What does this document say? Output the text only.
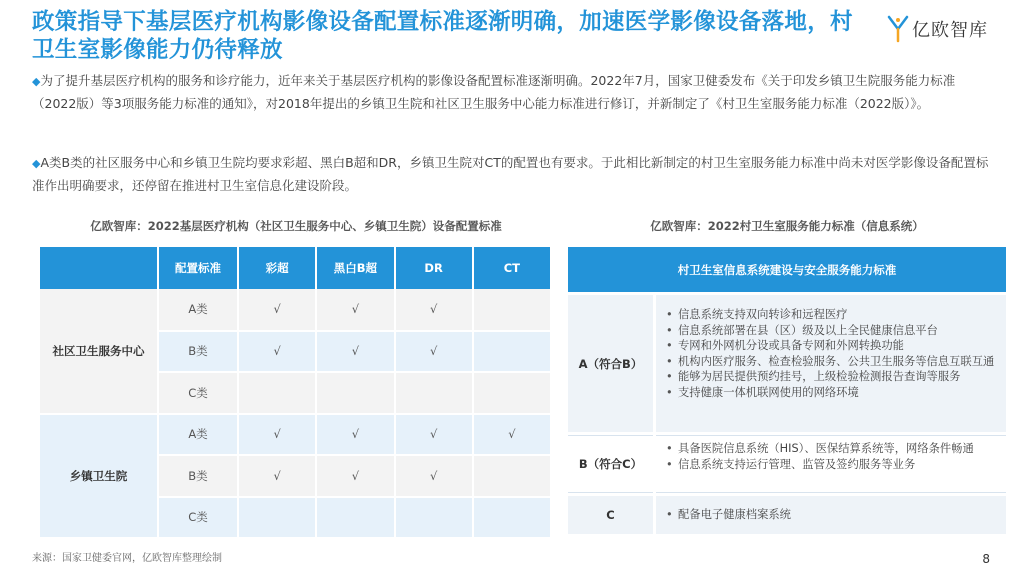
政策指导下基层医疗机构影像设备配置标准逐渐明确，加速医学影像设备落地，村卫生室影像能力仍待释放
亿欧智库
◆为了提升基层医疗机构的服务和诊疗能力，近年来关于基层医疗机构的影像设备配置标准逐渐明确。2022年7月，国家卫健委发布《关于印发乡镇卫生院服务能力标准（2022版）等3项服务能力标准的通知》，对2018年提出的乡镇卫生院和社区卫生服务中心能力标准进行修订，并新制定了《村卫生室服务能力标准（2022版）》。
◆A类B类的社区服务中心和乡镇卫生院均要求彩超、黑白B超和DR，乡镇卫生院对CT的配置也有要求。于此相比新制定的村卫生室服务能力标准中尚未对医学影像设备配置标准作出明确要求，还停留在推进村卫生室信息化建设阶段。
亿欧智库：2022基层医疗机构（社区卫生服务中心、乡镇卫生院）设备配置标准	亿欧智库：2022村卫生室服务能力标准（信息系统）
	配置标准	彩超	黑白B超	DR	CT
社区卫生服务中心	A类	√	√	√	
	B类	√	√	√	
	C类				
乡镇卫生院	A类	√	√	√	√
	B类	√	√	√	
	C类				
村卫生室信息系统建设与安全服务能力标准
A（符合B）
• 信息系统支持双向转诊和远程医疗
• 信息系统部署在县（区）级及以上全民健康信息平台
• 专网和外网机分设或具备专网和外网转换功能
• 机构内医疗服务、检查检验服务、公共卫生服务等信息互联互通
• 能够为居民提供预约挂号，上级检验检测报告查询等服务
• 支持健康一体机联网使用的网络环境
B（符合C）
• 具备医院信息系统（HIS）、医保结算系统等，网络条件畅通
• 信息系统支持运行管理、监管及签约服务等业务
C	• 配备电子健康档案系统
来源：国家卫健委官网，亿欧智库整理绘制	8
